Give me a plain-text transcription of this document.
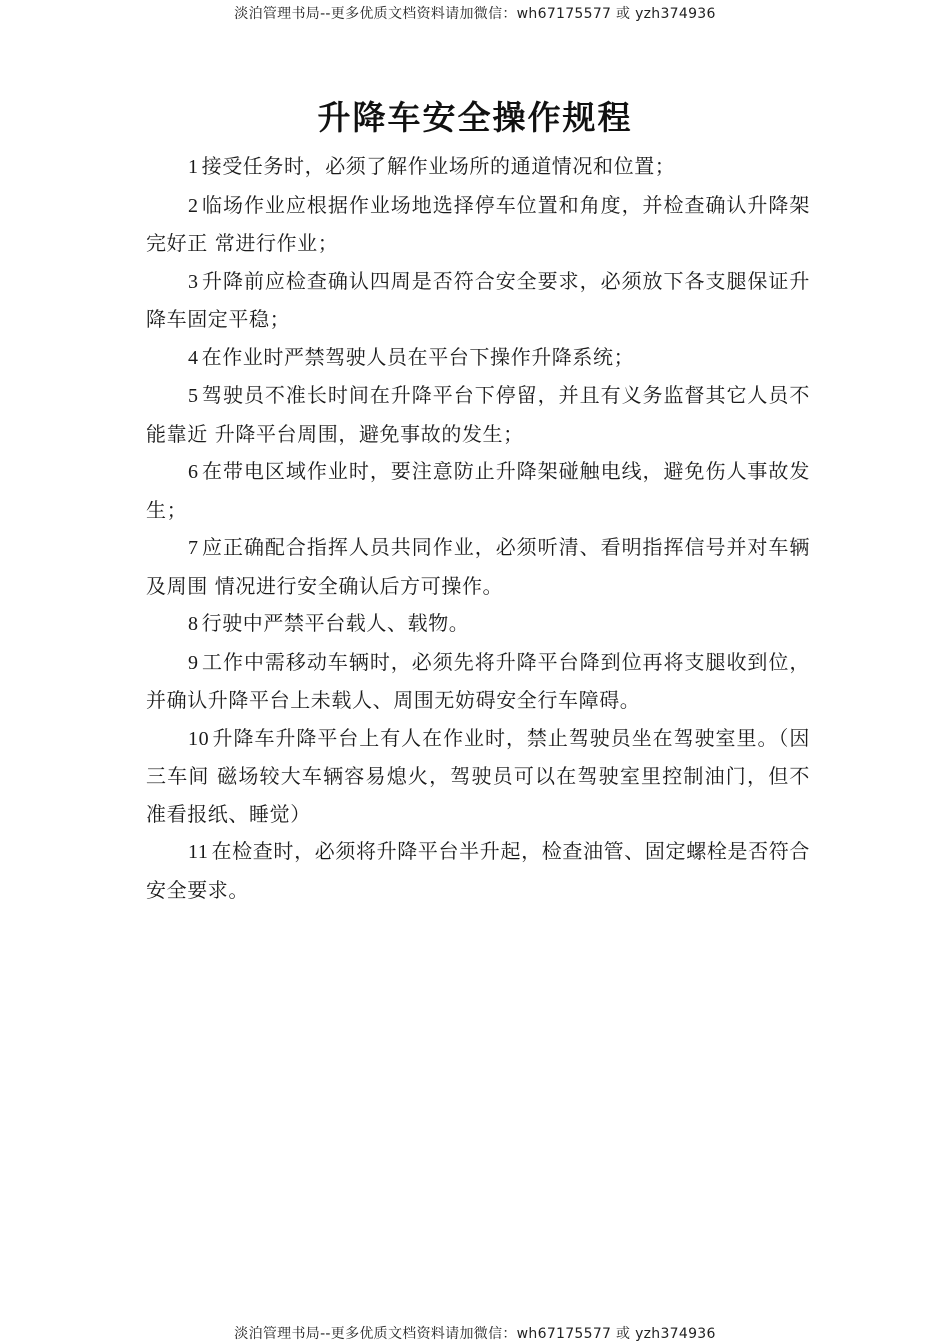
淡泊管理书局--更多优质文档资料请加微信：wh67175577 或 yzh374936
升降车安全操作规程

1 接受任务时，必须了解作业场所的通道情况和位置；

2 临场作业应根据作业场地选择停车位置和角度，并检查确认升降架完好正 常进行作业；

3 升降前应检查确认四周是否符合安全要求，必须放下各支腿保证升降车固定平稳；

4 在作业时严禁驾驶人员在平台下操作升降系统；

5 驾驶员不准长时间在升降平台下停留，并且有义务监督其它人员不能靠近 升降平台周围，避免事故的发生；

6 在带电区域作业时，要注意防止升降架碰触电线，避免伤人事故发生；

7 应正确配合指挥人员共同作业，必须听清、看明指挥信号并对车辆及周围 情况进行安全确认后方可操作。

8 行驶中严禁平台载人、载物。

9 工作中需移动车辆时，必须先将升降平台降到位再将支腿收到位，并确认升降平台上未载人、周围无妨碍安全行车障碍。

10 升降车升降平台上有人在作业时，禁止驾驶员坐在驾驶室里。（因三车间 磁场较大车辆容易熄火，驾驶员可以在驾驶室里控制油门，但不准看报纸、睡觉）

11 在检查时，必须将升降平台半升起，检查油管、固定螺栓是否符合安全要求。

淡泊管理书局--更多优质文档资料请加微信：wh67175577 或 yzh374936
